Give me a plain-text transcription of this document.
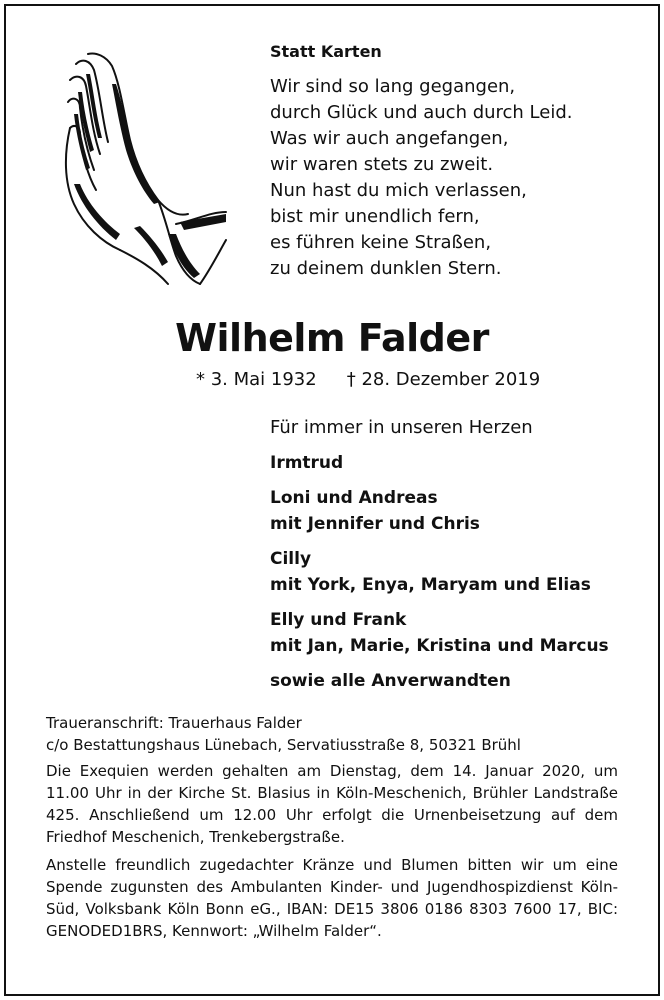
Statt Karten
Wir sind so lang gegangen,
durch Glück und auch durch Leid.
Was wir auch angefangen,
wir waren stets zu zweit.
Nun hast du mich verlassen,
bist mir unendlich fern,
es führen keine Straßen,
zu deinem dunklen Stern.
Wilhelm Falder
* 3. Mai 1932 † 28. Dezember 2019
Für immer in unseren Herzen
Irmtrud
Loni und Andreas
mit Jennifer und Chris
Cilly
mit York, Enya, Maryam und Elias
Elly und Frank
mit Jan, Marie, Kristina und Marcus
sowie alle Anverwandten
Traueranschrift: Trauerhaus Falder
c/o Bestattungshaus Lünebach, Servatiusstraße 8, 50321 Brühl

Die Exequien werden gehalten am Dienstag, dem 14. Januar 2020, um 11.00 Uhr in der Kirche St. Blasius in Köln-Meschenich, Brühler Landstraße 425. Anschließend um 12.00 Uhr erfolgt die Urnenbeisetzung auf dem Friedhof Meschenich, Trenkebergstraße.

Anstelle freundlich zugedachter Kränze und Blumen bitten wir um eine Spende zugunsten des Ambulanten Kinder- und Jugendhospizdienst Köln-Süd, Volksbank Köln Bonn eG., IBAN: DE15 3806 0186 8303 7600 17, BIC: GENODED1BRS, Kennwort: „Wilhelm Falder“.
